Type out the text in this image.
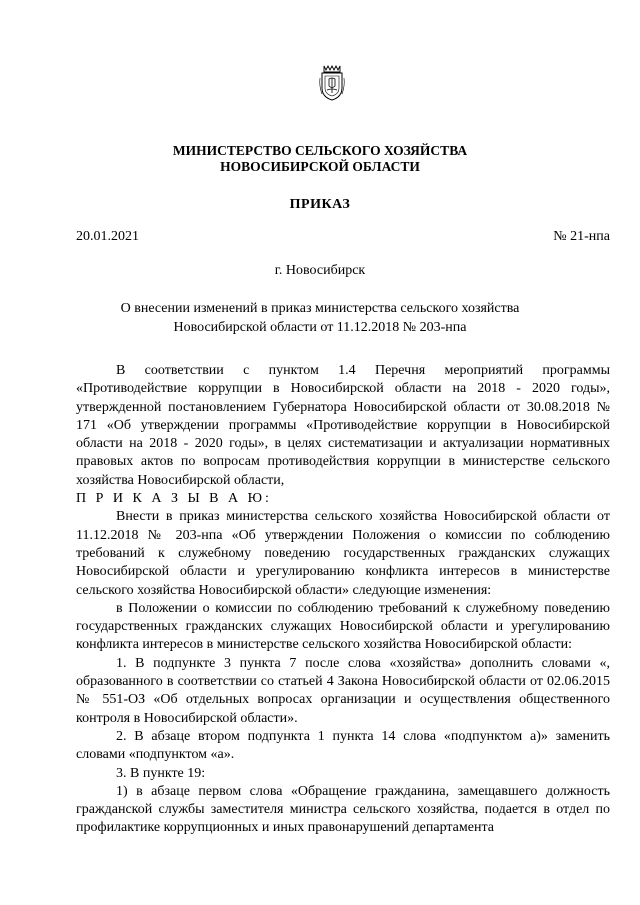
МИНИСТЕРСТВО СЕЛЬСКОГО ХОЗЯЙСТВА
НОВОСИБИРСКОЙ ОБЛАСТИ
ПРИКАЗ
20.01.2021	№ 21-нпа
г. Новосибирск
О внесении изменений в приказ министерства сельского хозяйства Новосибирской области от 11.12.2018 № 203-нпа

В соответствии с пунктом 1.4 Перечня мероприятий программы «Противодействие коррупции в Новосибирской области на 2018 - 2020 годы», утвержденной постановлением Губернатора Новосибирской области от 30.08.2018 № 171 «Об утверждении программы «Противодействие коррупции в Новосибирской области на 2018 - 2020 годы», в целях систематизации и актуализации нормативных правовых актов по вопросам противодействия коррупции в министерстве сельского хозяйства Новосибирской области,
П Р И К А З Ы В А Ю:

Внести в приказ министерства сельского хозяйства Новосибирской области от 11.12.2018 № 203-нпа «Об утверждении Положения о комиссии по соблюдению требований к служебному поведению государственных гражданских служащих Новосибирской области и урегулированию конфликта интересов в министерстве сельского хозяйства Новосибирской области» следующие изменения:

в Положении о комиссии по соблюдению требований к служебному поведению государственных гражданских служащих Новосибирской области и урегулированию конфликта интересов в министерстве сельского хозяйства Новосибирской области:

1. В подпункте 3 пункта 7 после слова «хозяйства» дополнить словами «, образованного в соответствии со статьей 4 Закона Новосибирской области от 02.06.2015 № 551-ОЗ «Об отдельных вопросах организации и осуществления общественного контроля в Новосибирской области».

2. В абзаце втором подпункта 1 пункта 14 слова «подпунктом а)» заменить словами «подпунктом «а».

3. В пункте 19:

1) в абзаце первом слова «Обращение гражданина, замещавшего должность гражданской службы заместителя министра сельского хозяйства, подается в отдел по профилактике коррупционных и иных правонарушений департамента
